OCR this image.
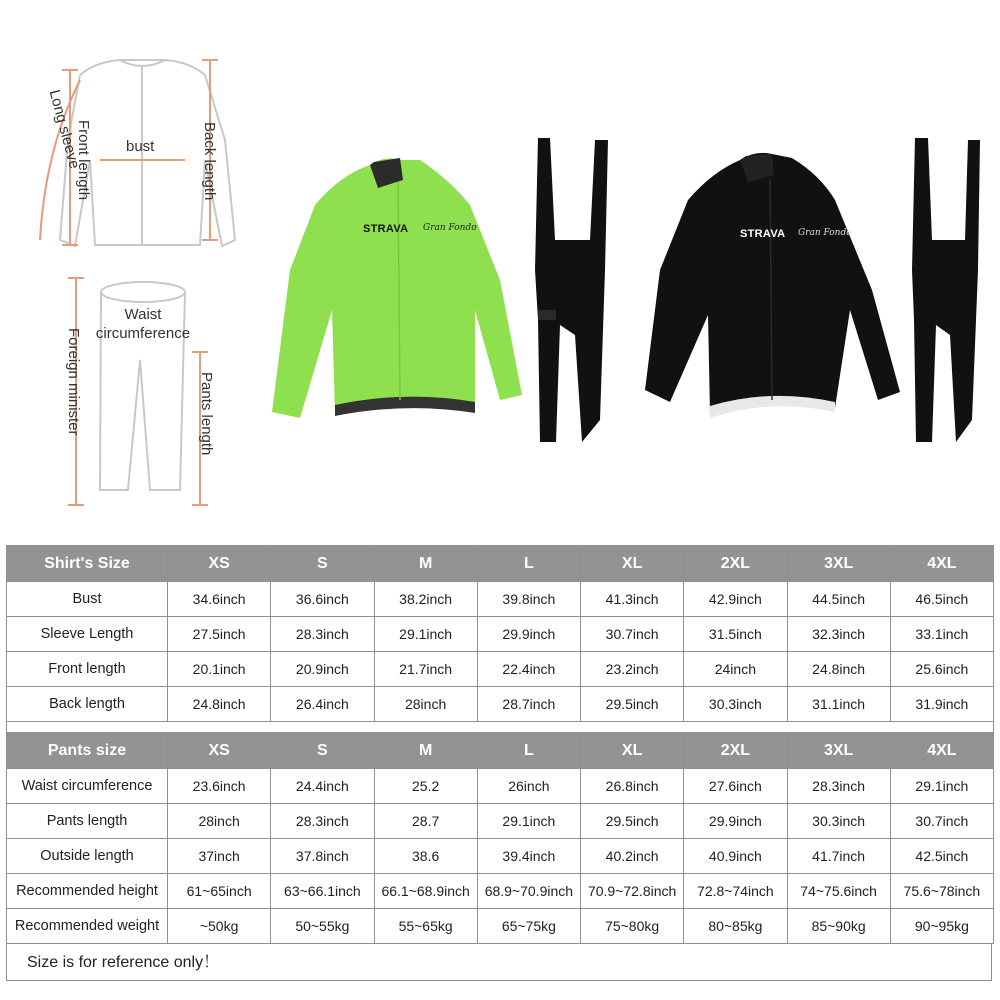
Long sleeve
Front length bust	Back length
Waist circumference
Foreign minister	Pants length
STRAVA Gran Fondo	STRAVA Gran Fondo
Shirt's Size	XS	S	M	L	XL	2XL	3XL	4XL
Bust	34.6inch	36.6inch	38.2inch	39.8inch	41.3inch	42.9inch	44.5inch	46.5inch
Sleeve Length	27.5inch	28.3inch	29.1inch	29.9inch	30.7inch	31.5inch	32.3inch	33.1inch
Front length	20.1inch	20.9inch	21.7inch	22.4inch	23.2inch	24inch	24.8inch	25.6inch
Back length	24.8inch	26.4inch	28inch	28.7inch	29.5inch	30.3inch	31.1inch	31.9inch
Pants size	XS	S	M	L	XL	2XL	3XL	4XL
Waist circumference	23.6inch	24.4inch	25.2	26inch	26.8inch	27.6inch	28.3inch	29.1inch
Pants length	28inch	28.3inch	28.7	29.1inch	29.5inch	29.9inch	30.3inch	30.7inch
Outside length	37inch	37.8inch	38.6	39.4inch	40.2inch	40.9inch	41.7inch	42.5inch
Recommended height	61~65inch	63~66.1inch	66.1~68.9inch	68.9~70.9inch	70.9~72.8inch	72.8~74inch	74~75.6inch	75.6~78inch
Recommended weight	~50kg	50~55kg	55~65kg	65~75kg	75~80kg	80~85kg	85~90kg	90~95kg
Size is for reference only！
